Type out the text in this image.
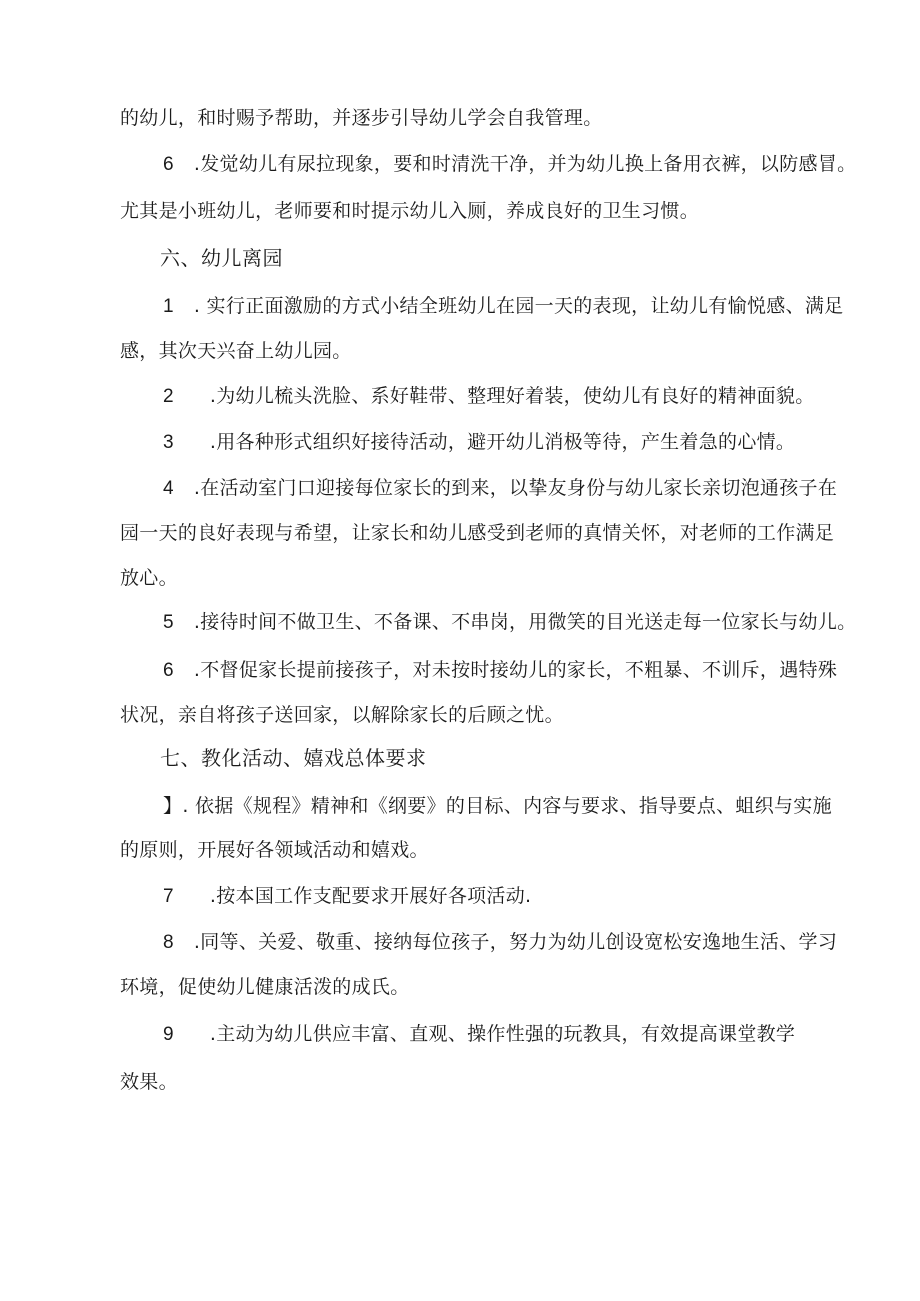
的幼儿，和时赐予帮助，并逐步引导幼儿学会自我管理。
6 .发觉幼儿有尿拉现象，要和时清洗干净，并为幼儿换上备用衣裤，以防感冒。
尤其是小班幼儿，老师要和时提示幼儿入厕，养成良好的卫生习惯。
六、幼儿离园
1 . 实行正面激励的方式小结全班幼儿在园一天的表现，让幼儿有愉悦感、满足
感，其次天兴奋上幼儿园。
2 .为幼儿梳头洗脸、系好鞋带、整理好着装，使幼儿有良好的精神面貌。
3 .用各种形式组织好接待活动，避开幼儿消极等待，产生着急的心情。
4 .在活动室门口迎接每位家长的到来，以挚友身份与幼儿家长亲切泡通孩子在
园一天的良好表现与希望，让家长和幼儿感受到老师的真情关怀，对老师的工作满足
放心。
5 .接待时间不做卫生、不备课、不串岗，用微笑的目光送走每一位家长与幼儿。
6 .不督促家长提前接孩子，对未按时接幼儿的家长，不粗暴、不训斥，遇特殊
状况，亲自将孩子送回家，以解除家长的后顾之忧。
七、教化活动、嬉戏总体要求
】. 依据《规程》精神和《纲要》的目标、内容与要求、指导要点、蛆织与实施
的原则，开展好各领域活动和嬉戏。
7 .按本国工作支配要求开展好各项活动.
8 .同等、关爱、敬重、接纳每位孩子，努力为幼儿创设宽松安逸地生活、学习
环境，促使幼儿健康活泼的成氏。
9 .主动为幼儿供应丰富、直观、操作性强的玩教具，有效提高课堂教学
效果。
